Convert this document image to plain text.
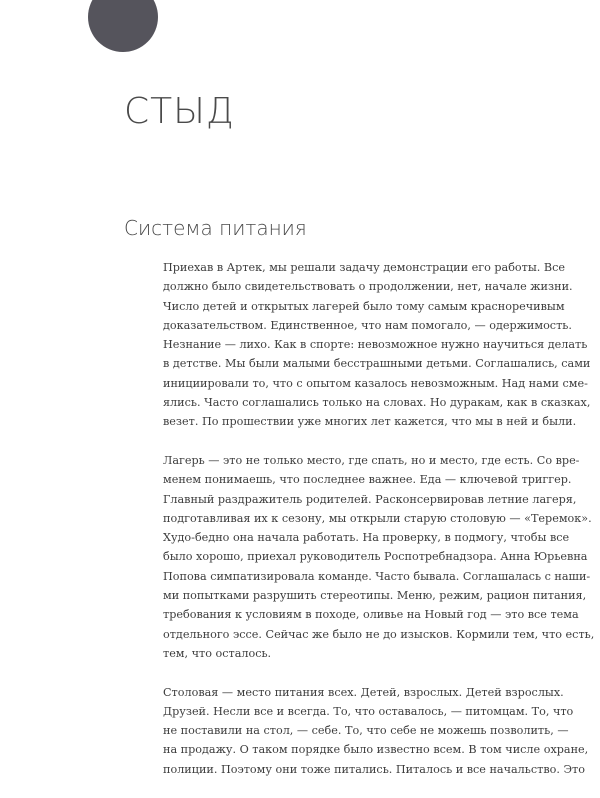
СТЫД
Система питания

Приехав в Артек, мы решали задачу демонстрации его работы. Все
должно было свидетельствовать о продолжении, нет, начале жизни.
Число детей и открытых лагерей было тому самым красноречивым
доказательством. Единственное, что нам помогало, — одержимость.
Незнание — лихо. Как в спорте: невозможное нужно научиться делать
в детстве. Мы были малыми бесстрашными детьми. Соглашались, сами
инициировали то, что с опытом казалось невозможным. Над нами сме-
ялись. Часто соглашались только на словах. Но дуракам, как в сказках,
везет. По прошествии уже многих лет кажется, что мы в ней и были.

Лагерь — это не только место, где спать, но и место, где есть. Со вре-
менем понимаешь, что последнее важнее. Еда — ключевой триггер.
Главный раздражитель родителей. Расконсервировав летние лагеря,
подготавливая их к сезону, мы открыли старую столовую — «Теремок».
Худо-бедно она начала работать. На проверку, в подмогу, чтобы все
было хорошо, приехал руководитель Роспотребнадзора. Анна Юрьевна
Попова симпатизировала команде. Часто бывала. Соглашалась с наши-
ми попытками разрушить стереотипы. Меню, режим, рацион питания,
требования к условиям в походе, оливье на Новый год — это все тема
отдельного эссе. Сейчас же было не до изысков. Кормили тем, что есть,
тем, что осталось.

Столовая — место питания всех. Детей, взрослых. Детей взрослых.
Друзей. Несли все и всегда. То, что оставалось, — питомцам. То, что
не поставили на стол, — себе. То, что себе не можешь позволить, —
на продажу. О таком порядке было известно всем. В том числе охране,
полиции. Поэтому они тоже питались. Питалось и все начальство. Это
